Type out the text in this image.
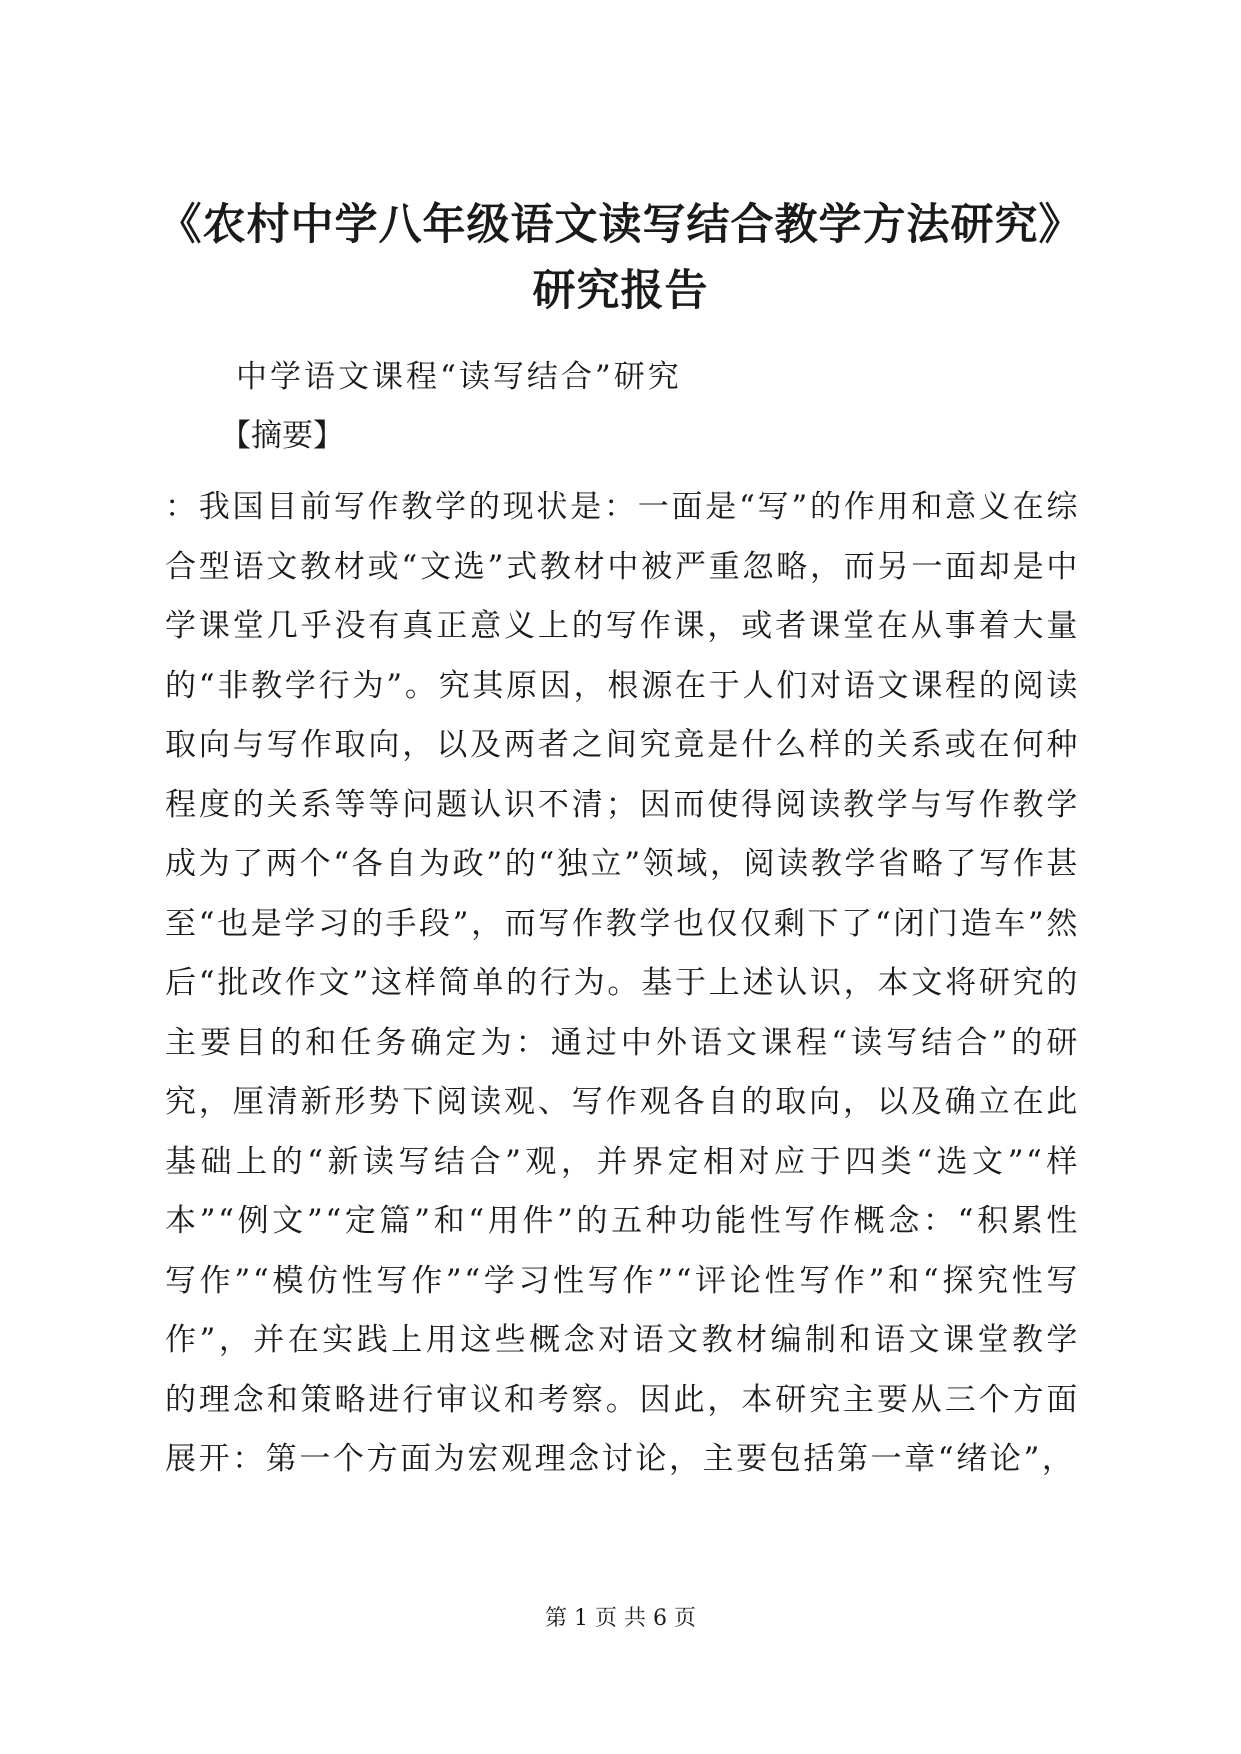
《农村中学八年级语文读写结合教学方法研究》研究报告

中学语文课程“读写结合”研究

【摘要】

：我国目前写作教学的现状是：一面是“写”的作用和意义在综合型语文教材或“文选”式教材中被严重忽略，而另一面却是中学课堂几乎没有真正意义上的写作课，或者课堂在从事着大量的“非教学行为”。究其原因，根源在于人们对语文课程的阅读取向与写作取向，以及两者之间究竟是什么样的关系或在何种程度的关系等等问题认识不清；因而使得阅读教学与写作教学成为了两个“各自为政”的“独立”领域，阅读教学省略了写作甚至“也是学习的手段”，而写作教学也仅仅剩下了“闭门造车”然后“批改作文”这样简单的行为。基于上述认识，本文将研究的主要目的和任务确定为：通过中外语文课程“读写结合”的研究，厘清新形势下阅读观、写作观各自的取向，以及确立在此基础上的“新读写结合”观，并界定相对应于四类“选文”“样本”“例文”“定篇”和“用件”的五种功能性写作概念：“积累性写作”“模仿性写作”“学习性写作”“评论性写作”和“探究性写作”，并在实践上用这些概念对语文教材编制和语文课堂教学的理念和策略进行审议和考察。因此，本研究主要从三个方面展开：第一个方面为宏观理念讨论，主要包括第一章“绪论”，

第 1 页 共 6 页
